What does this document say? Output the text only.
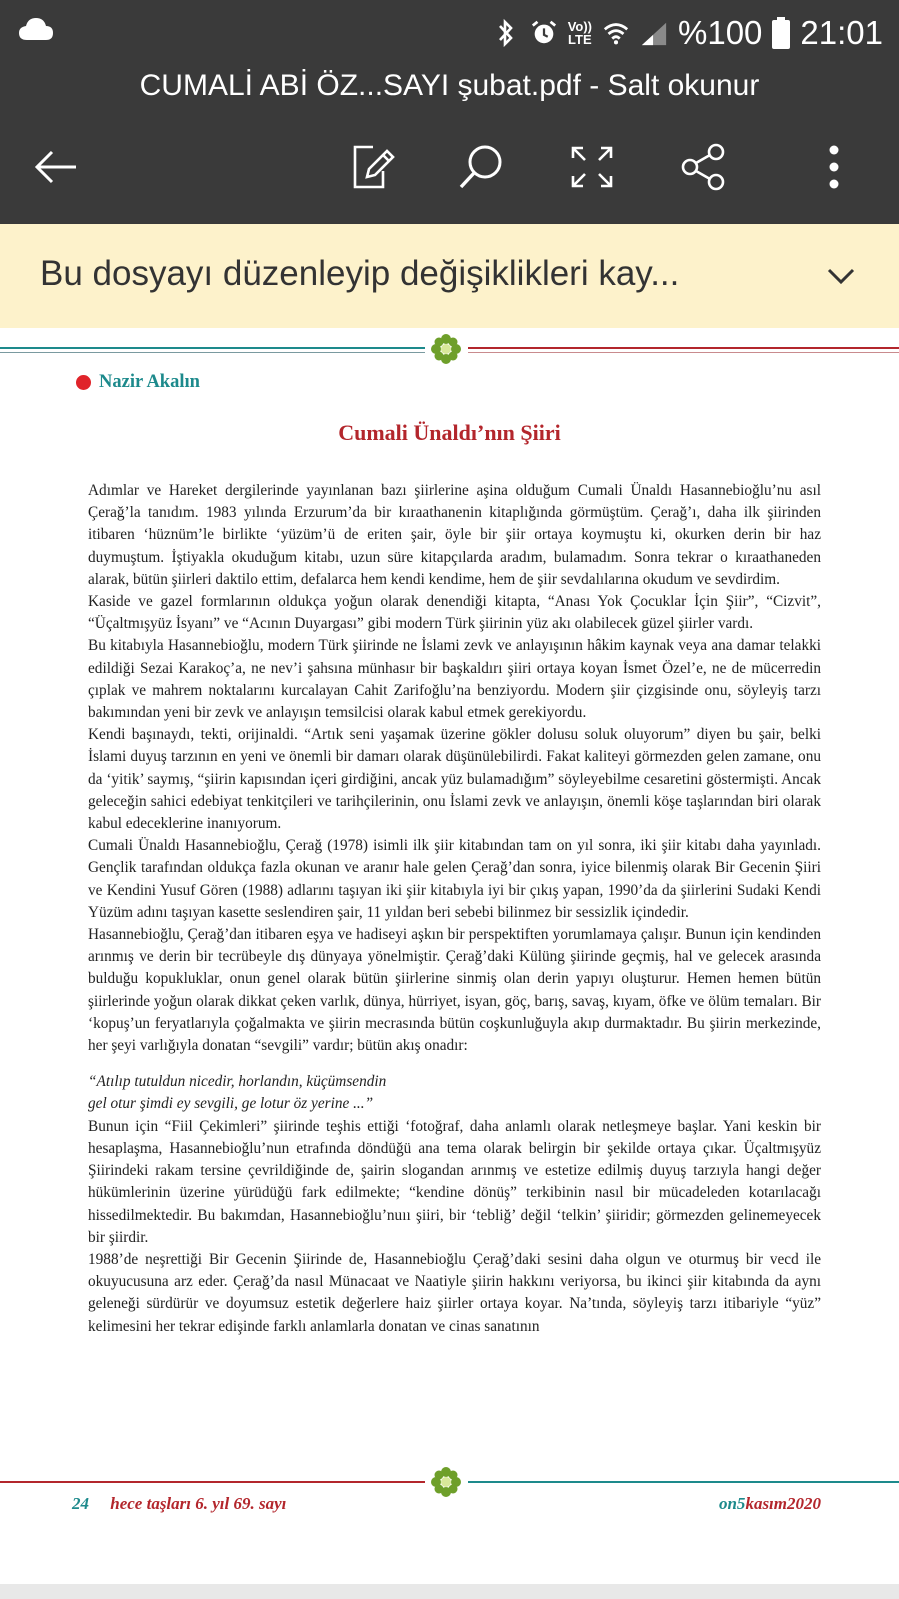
Vo))
LTE	%100 21:01
CUMALİ ABİ ÖZ...SAYI şubat.pdf - Salt okunur
Bu dosyayı düzenleyip değişiklikleri kay...
Nazir Akalın
Cumali Ünaldı’nın Şiiri

Adımlar ve Hareket dergilerinde yayınlanan bazı şiirlerine aşina olduğum Cumali Ünaldı Hasannebioğlu’nu asıl Çerağ’la tanıdım. 1983 yılında Erzurum’da bir kıraathanenin kitaplığında görmüştüm. Çerağ’ı, daha ilk şiirinden itibaren ‘hüznüm’le birlikte ‘yüzüm’ü de eriten şair, öyle bir şiir ortaya koymuştu ki, okurken derin bir haz duymuştum. İştiyakla okuduğum kitabı, uzun süre kitapçılarda aradım, bulamadım. Sonra tekrar o kıraathaneden alarak, bütün şiirleri daktilo ettim, defalarca hem kendi kendime, hem de şiir sevdalılarına okudum ve sevdirdim.

Kaside ve gazel formlarının oldukça yoğun olarak denendiği kitapta, “Anası Yok Çocuklar İçin Şiir”, “Cizvit”, “Üçaltmışyüz İsyanı” ve “Acının Duyargası” gibi modern Türk şiirinin yüz akı olabilecek güzel şiirler vardı.

Bu kitabıyla Hasannebioğlu, modern Türk şiirinde ne İslami zevk ve anlayışının hâkim kaynak veya ana damar telakki edildiği Sezai Karakoç’a, ne nev’i şahsına münhasır bir başkaldırı şiiri ortaya koyan İsmet Özel’e, ne de mücerredin çıplak ve mahrem noktalarını kurcalayan Cahit Zarifoğlu’na benziyordu. Modern şiir çizgisinde onu, söyleyiş tarzı bakımından yeni bir zevk ve anlayışın temsilcisi olarak kabul etmek gerekiyordu.

Kendi başınaydı, tekti, orijinaldi. “Artık seni yaşamak üzerine gökler dolusu soluk oluyorum” diyen bu şair, belki İslami duyuş tarzının en yeni ve önemli bir damarı olarak düşünülebilirdi. Fakat kaliteyi görmezden gelen zamane, onu da ‘yitik’ saymış, “şiirin kapısından içeri girdiğini, ancak yüz bulamadığım” söyleyebilme cesaretini göstermişti. Ancak geleceğin sahici edebiyat tenkitçileri ve tarihçilerinin, onu İslami zevk ve anlayışın, önemli köşe taşlarından biri olarak kabul edeceklerine inanıyorum.

Cumali Ünaldı Hasannebioğlu, Çerağ (1978) isimli ilk şiir kitabından tam on yıl sonra, iki şiir kitabı daha yayınladı. Gençlik tarafından oldukça fazla okunan ve aranır hale gelen Çerağ’dan sonra, iyice bilenmiş olarak Bir Gecenin Şiiri ve Kendini Yusuf Gören (1988) adlarını taşıyan iki şiir kitabıyla iyi bir çıkış yapan, 1990’da da şiirlerini Sudaki Kendi Yüzüm adını taşıyan kasette seslendiren şair, 11 yıldan beri sebebi bilinmez bir sessizlik içindedir.

Hasannebioğlu, Çerağ’dan itibaren eşya ve hadiseyi aşkın bir perspektiften yorumlamaya çalışır. Bunun için kendinden arınmış ve derin bir tecrübeyle dış dünyaya yönelmiştir. Çerağ’daki Külüng şiirinde geçmiş, hal ve gelecek arasında bulduğu kopukluklar, onun genel olarak bütün şiirlerine sinmiş olan derin yapıyı oluşturur. Hemen hemen bütün şiirlerinde yoğun olarak dikkat çeken varlık, dünya, hürriyet, isyan, göç, barış, savaş, kıyam, öfke ve ölüm temaları. Bir ‘kopuş’un feryatlarıyla çoğalmakta ve şiirin mecrasında bütün coşkunluğuyla akıp durmaktadır. Bu şiirin merkezinde, her şeyi varlığıyla donatan “sevgili” vardır; bütün akış onadır:

“Atılıp tutuldun nicedir, horlandın, küçümsendin
gel otur şimdi ey sevgili, ge lotur öz yerine ...”

Bunun için “Fiil Çekimleri” şiirinde teşhis ettiği ‘fotoğraf, daha anlamlı olarak netleşmeye başlar. Yani keskin bir hesaplaşma, Hasannebioğlu’nun etrafında döndüğü ana tema olarak belirgin bir şekilde ortaya çıkar. Üçaltmışyüz Şiirindeki rakam tersine çevrildiğinde de, şairin slogandan arınmış ve estetize edilmiş duyuş tarzıyla hangi değer hükümlerinin üzerine yürüdüğü fark edilmekte; “kendine dönüş” terkibinin nasıl bir mücadeleden kotarılacağı hissedilmektedir. Bu bakımdan, Hasannebioğlu’nuıı şiiri, bir ‘tebliğ’ değil ‘telkin’ şiiridir; görmezden gelinemeyecek bir şiirdir.

1988’de neşrettiği Bir Gecenin Şiirinde de, Hasannebioğlu Çerağ’daki sesini daha olgun ve oturmuş bir vecd ile okuyucusuna arz eder. Çerağ’da nasıl Münacaat ve Naatiyle şiirin hakkını veriyorsa, bu ikinci şiir kitabında da aynı geleneği sürdürür ve doyumsuz estetik değerlere haiz şiirler ortaya koyar. Na’tında, söyleyiş tarzı itibariyle “yüz” kelimesini her tekrar edişinde farklı anlamlarla donatan ve cinas sanatının

24 hece taşları 6. yıl 69. sayı	on5kasım2020
